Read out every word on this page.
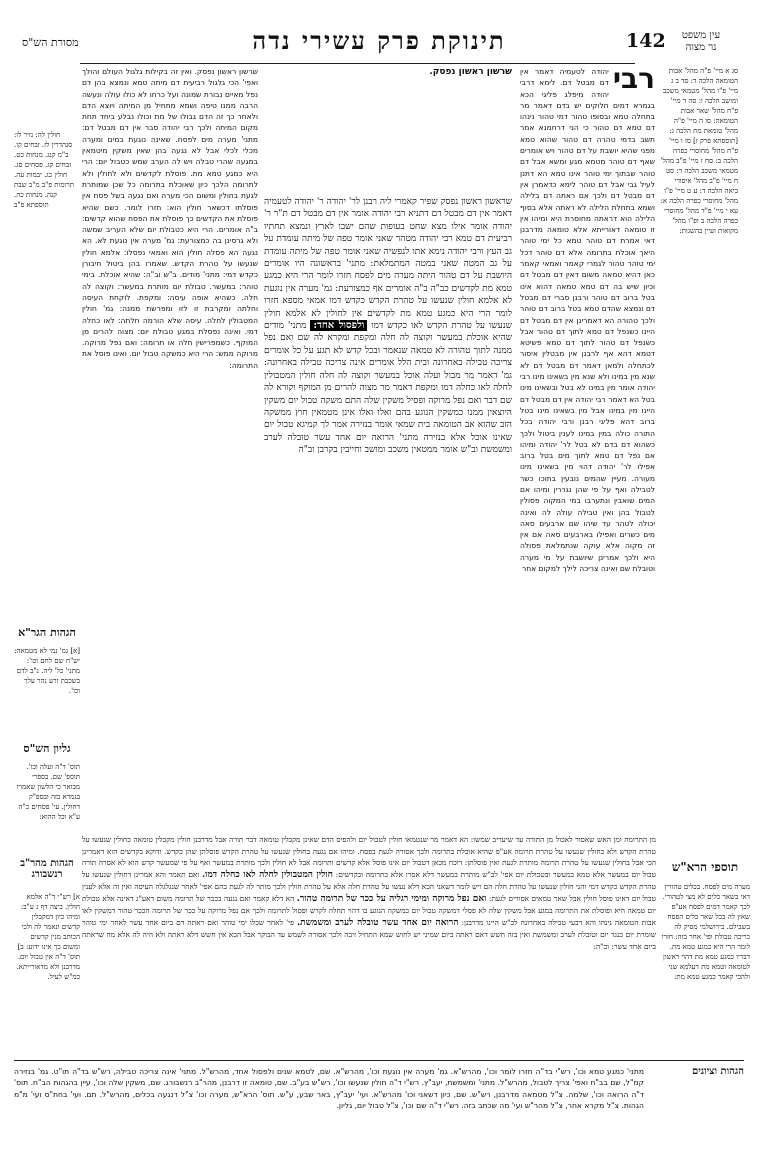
142
תינוקת פרק עשירי נדה
מסורת הש"ס
עין משפט
נר מצוה
סג א מיי' פ"ה מהל' אבות הטומאה הלכה ד: סד ב ג מיי' פ"ו מהל' מטמאי משכב ומושב הלכה ו: סה ד מיי' פ"ח מהל' שאר אבות הטומאה: סו ה מיי' פ"ה מהל' טומאת מת הלכה ג: [תוספתא פרק ז] סז ו מיי' פ"ח מהל' מחוסרי כפרה הלכה ב: סח ז מיי' פ"ב מהל' מטמאי משכב הלכה ד: סט ח מיי' פ"ב מהל' איסורי ביאה הלכה ד: ע ט מיי' פ"ו מהל' מחוסרי כפרה הלכה א: עא י מיי' פ"ד מהל' מחוסרי כפרה הלכה ב ופ"ו מהל' מקואות ועיין בהשגות:
רבי
יהודה לטעמיה דאמר אין דם מבטל דם. לימא דרבי יהודה מיפלג פליגי הכא בגמרא דמים חלוקים יש בדם דאמר מר בתחלה טמא ובסופו טהור דמי טהור נינהו דם טמא דם טהור כי הני דרחמנא אמר תשב בדמי טהרה דם טהור שהוא טמא מפני שהיא יושבת על דם טהור ויש אומרים שאף דם טוהר מטמא מגע ומשא אבל דם טוהר שבתוך ימי טוהר אינו טמא הא דתנן לעיל גבי אבל דם טוהר לימא כדאמרן אין דם מבטל דם ולכך אם ראתה דם בלילה ושמא בתחלת הלילה לא ראתה אלא בסוף הלילה הוא דראתה מחוסרת היא ומיהו אין זו טומאה דאורייתא אלא טומאה מדרבנן דאי אמרת דם טוהר טמא כל ימי טוהר היאך אוכלת בתרומה אלא דם טוהר דכל ימי טוהר טהור לגמרי קאמר ואמאי קאמר כאן דהיא טמאה משום דאין דם מבטל דם וכיון שיש בה דם טמא טמאה דהוא אינו בטל ברוב דם טוהר ורבנן סברי דם מבטל דם ונמצא שהדם טמא בטל ברוב דם טוהר ולכך טהורה הא דאמרינן אין דם מבטל דם היינו כשנפל דם טמא לתוך דם טהור אבל כשנפל דם טהור לתוך דם טמא פשיטא דטמא דהא אף לרבנן אין מבטלין איסור לכתחלה ולמאן דאמר דם מבטל דם לא שנא מין במינו ולא שנא מין בשאינו מינו רבי יהודה אומר מין במינו לא בטל ובשאינו מינו בטל הא דאמר רבי יהודה אין דם מבטל דם היינו מין במינו אבל מין בשאינו מינו בטל ברוב דהא פליגי רבנן ורבי יהודה בכל התורה כולה במין במינו לענין ביטול ולכך כשהוא דם בדם לא בטל לר' יהודה ומיהו אם נפל דם טמא לתוך מים בטל ברוב אפילו לר' יהודה דהוי מין בשאינו מינו מעורה. מעיין שהמים נובעין בתוכו כשר לטבילה ואף על פי שהן נגררין ומיהו אם המים שואבין ונתערבו במי המקוה פסולין לטבול בהן ואין טבילה עולה לה ואינה יכולה לטהר עד שיהו שם ארבעים סאה מים כשרים ואפילו בארבעים סאה אם אין זה מקוה אלא עוקה שנתמלאת פסולה היא ולכך אמרינן שיושבת על מי מערה וטובלת שם ואינה צריכה לילך למקום אחר
שראשון ראשון נפסק שפיר קאמרי ליה רבנן לר' יהודה ר' יהודה לטעמיה דאמר אין דם מבטל דם דתניא רבי יהודה אומר אין דם מבטל דם ת"ר ר' יהודה אומר אילו מצא שחט בעופות שהם ישבו לארץ ונמצא תחתיו רביעית דם טמא רבי יהודה מטהר שאני אומר טפה של מיתה עומדת על גב העץ ורבי יהודה נימא אתו לנפשיה שאני אומר טפה של מיתה עומדת על גב המטה שאני במטה המתמלאת: מתני' בראשונה היו אומרים היושבת על דם טהור היתה מערה מים לפסח חזרו לומר הרי היא כמגע טמא מת לקדשים כב"ה ב"ה אומרים אף כמצורעת: גמ' מערה אין נוגעת לא אלמא חולין שנעשו על טהרת הקדש כקדש דמו אמאי מספא חזרו לומר הרי היא כמגע טמא מת לקדשים אין לחולין לא אלמא חולין שנעשו על טהרת הקדש לאו כקדש דמו ולפסול אחד: מתני' מודים שהיא אוכלת במעשר וקוצה לה חלה ומקפת ומקרא לה שם ואם נפל ממנה לתוך טהורה לא טמאה שנאמר ובכל קדש לא תגע על כל אומרים צריכה טבילה באחרונה ובית הלל אומרים אינה צריכה טבילה באחרונה: גמ' דאמר מר מבול ועלה אוכל במעשר וקוצה לה חלה חולין המטבולין לחלה לאו כחלה דמו ומקפת דאמר מר מצוה להרים מן המוקף וקורא לה שם דבר ואם נפל מרוקה ופסיל משקין שלה התם משקה טבול יום משקין היוצאין ממנו כמשקין הנוגע בהם ואלו ואלו אינן מטמאין חוץ ממשקה הזב שהוא אב הטומאה בית שמאי אומר בנזירה אמר לך קמיגא טבול יום שאינו אוכל אלא בנזירה מתני' הרואה יום אחד עשר טובלה לערב ומשמשת וב"ש אומר ממטאין משכב ומושב וחייבין בקרבן וב"ה
שרשון ראשון נפסק.
שרשון ראשון נפסק. ואין זה בקילות גלגול העולם והולך ואפי' הכי גלגול רביעית דם מיתה טמא ונמצא בהן דם נפל מאיים נבורת שמונה ועל כרחו לא כולו עולה ונעשה הרבה ממנו טיפה ושמא מתחיל מן המיתה ויוצא הדם ולאחר כך זה הדם גבולו של מת וכולו נבלע ביחד תחת מקום המיתה ולכך רבי יהודה סבר אין דם מבטל דם: מתני' מערה מים לפסח. שאינה נוגעת במים ומערה מכלי לכלי אבל לא נגעה בהן שאין משקין מיטמאין במגעה שהרי טבלה ויש לה הערב שמש כטבול יום: הרי היא כמגע טמא מת. פוסלת לקדשים ולא לחולין ולא לתרומה הלכך כיון שאוכלת בתרומה כל שכן שמותרת לגעת בחולין ומשום הכי מערה ואם נגעה בשל פסח אין פוסלתו דכשאר חולין הוא: חזרו לומר. כשם שהיא פוסלת את הקדשים כך פוסלת את הפסח שהוא קדשים: ב"ה אומרים. הרי היא כטבולת יום שלא העריב שמשה ולא גרסינן בה כמצורעת: גמ' מערה אין נוגעת לא. הא נגעה הא פסלה חולין הוא ואמאי נפסלו: אלמא חולין שנעשו על טהרת הקדש. שאמרו בהן ביטול חיבורן כקדש דמי: מתני' מודים. ב"ש וב"ה: שהיא אוכלת. בימי טוהר: במעשר. טבולת יום מותרת במעשר: וקוצה לה חלה. כשהיא אופה עיסה: ומקפת. לוקחת העיסה וחלתה ומקרבת זו לזו ומפרשת ממנה: גמ' חולין המטבולין לחלה. עיסה שלא הורמה חלתה: לאו כחלה דמי. ואינה נפסלת במגע טבולת יום: מצוה להרים מן המוקף. כשמפרישין חלה או תרומה: ואם נפל מרוקה. מרוקה ממש: הרי היא כמשקה טבול יום. ואינו פוסל את התרומה:
חולין לה: נזיר לו: סנהדרין לז. זבחים קו. ב"מ קנג. מנחות כט. זבחים קג. פסחים סג. חולין כג. יבמות עה. תרומות פ"ב מ"ב שבת קנה. מנחות כה. תוספתא פ"ב
הגהות הגר"א
[א] גמ' נמי לא מטמאה: יש"ח שם לחם וכו': מתני' כל' ליה. נ"ב לדם בשכבת זרע נהר עלך וכו'.
גליון הש"ס
תוס' ד"ה ועלה וכו'. תוספ' שם. בספרי מבואר כי הלשון שאמרו בגמרא בזה ובספ"ק דחולין. עי' פסחים כ"ה ע"א וכל ההוא:
הגהות מהר"ב רנשבורג
א] רש"י ד"ה אלמא חולין. ביצה דף ג ע"ב: ומיהו כיון דמקבלין קדשים ונאמר לה ולכי הכותב מנין קדשים ומשום כך אינו ידוע: ב] תוס' ד"ה אין טבול יום. מדרבנן ולא מדאורייתא. כמ"ש לעיל.
תוספי הרא"ש
מערה מים לפסח. בכלים טהורין דאי בשאר כלים לא מצי לטהורי. לכך קאמר דמים לפסח אע"פ שאין לה בכל שאר כלים הפסח בשבילם. בירושלמי מסיק לה כריכה טבולת ופי' אחר בזה: חזרו לומר הרי היא כמגע טמא מת. דבריו כמגע טמא מת דהוי ראשון לטומאה וטמא מת דעלמא שני ולהכי קאמר כמגע טמא מת:
מן התרומה ומן האש שאסור לאכול מן התורה עד שיעריב שמשו: הא דאמר מר שנטמאו חולין לטבול יום ולהפיס הדם שאינן מקבלין טומאה דבר תורה אבל מדרבנן חולין מקבלין טומאה כחולין שנעשו על טהרת הקדש ולא כחולין שנעשו על טהרת תרומה אע"פ שהיא אוכלת בתרומה ולכך אסורה לגעת בפסח. ומיהו אם נגעה בחולין שנעשו על טהרת הקדש פוסלתן שהן כקדש. ודוקא בקדשים הוא דאמרינן הכי אבל בחולין שנעשו על טהרת תרומה מותרת לגעת ואין פוסלתן: דוכח מכאן דטבול יום אינו פוסל אלא קדשים ותרומה אבל לא חולין ולכך מותרת במעשר ואף על פי שמעשר קדש הוא לא אסרה תורה טבול יום במעשר אלא טמא במעשר ובטבולת יום אפי' לב"ש מותרת במעשר דלא אסרו אלא בתרומה ובקדשים: חולין המטבולין לחלה לאו כחלה דמו. ואם תאמר והא אמרינן דחולין שנעשו על טהרת הקדש כקדש דמי והני חולין שנעשו על טהרת חלה הם ויש לומר דשאני הכא דלא נעשו על טהרת חלה אלא על טהרת חולין ולכך מותר לה לגעת בהם אפי' לאחר שנגלגלה העיסה ואין זה אלא לענין טבול יום דאינו פוסל חולין אבל שאר טמאים אסורים לגעת: ואם נפל מרוקה ומימי רגליה על ככר של תרומה טהור. הא דלא קאמר ואם נגעה בככר של תרומה משום דאע"ג דאינה אלא טבולת יום טמאה היא ופוסלת את התרומה במגע אבל משקין שלה לא פסלי דמשקה טבול יום כמשקה הנוגע בו דהוי תחלה לקדש ופסול לתרומה ולכך אם נפל מרוקה על ככר של תרומה הככר טהור דמשקין לאו אבות הטומאה נינהו והא דבעי טבילה באחרונה לב"ש היינו מדרבנן: הרואה יום אחד עשר טובלה לערב ומשמשת. פי' לאחר שכלו ימי טוהר ואם ראתה דם ביום אחד עשר לאחר ימי טוהר שומרת יום כנגד יום וטובלת לערב ומשמשת ואין בזה חשש דאם ראתה ביום שמיני יש לחוש שמא התחיל זיבה ולכך אסורה לשמש עד הבוקר אבל הכא אין חשש דלא ראתה ולא היה לה אלא מה שראתה ביום אחד עשר: וב"ה:
הגהות וציונים
מתני' כמגע טמא וכו', רש"י בד"ה חזרו לומר וכו', מהרש"א. גמ' מערה אין נוגעת וכו', מהרש"א. שם, לטמא שנים ולפסול אחד, מהרש"ל. מתני' אינה צריכה טבילה, רש"ש בד"ה תו"ט. גמ' בנזירה קמ"ל, שם בב"ח ואפי' צריך לטבול, מהרש"ל. מתני' ומשמשת, יעב"ץ. רש"י ד"ה חולין שנעשו וכו', רש"ש בע"ב. שם, טומאה זו דרבנן, מהר"ב רנשבורג. שם, משקין שלה וכו', עיין בהגהות הב"ח. תוס' ד"ה הרואה וכו', שלמה. צ"ל מטמאה מדרבנן, רש"ש. שם, כיון דשאני וכו' מהרש"א. ועי' יעב"ץ, באר שבע, ע"ש. תוס' הרא"ש, מערה וכו' צ"ל דנגעה בכלים, מהרש"ל. תם. ועי' בחת"ס ועי' מ"מ הגהות. צ"ל מקרא אחר, צ"ל מהר"ש ועי' מה שכתב בזה. רש"י ד"ה שם וכו', צ"ל טבול יום, גליון.
